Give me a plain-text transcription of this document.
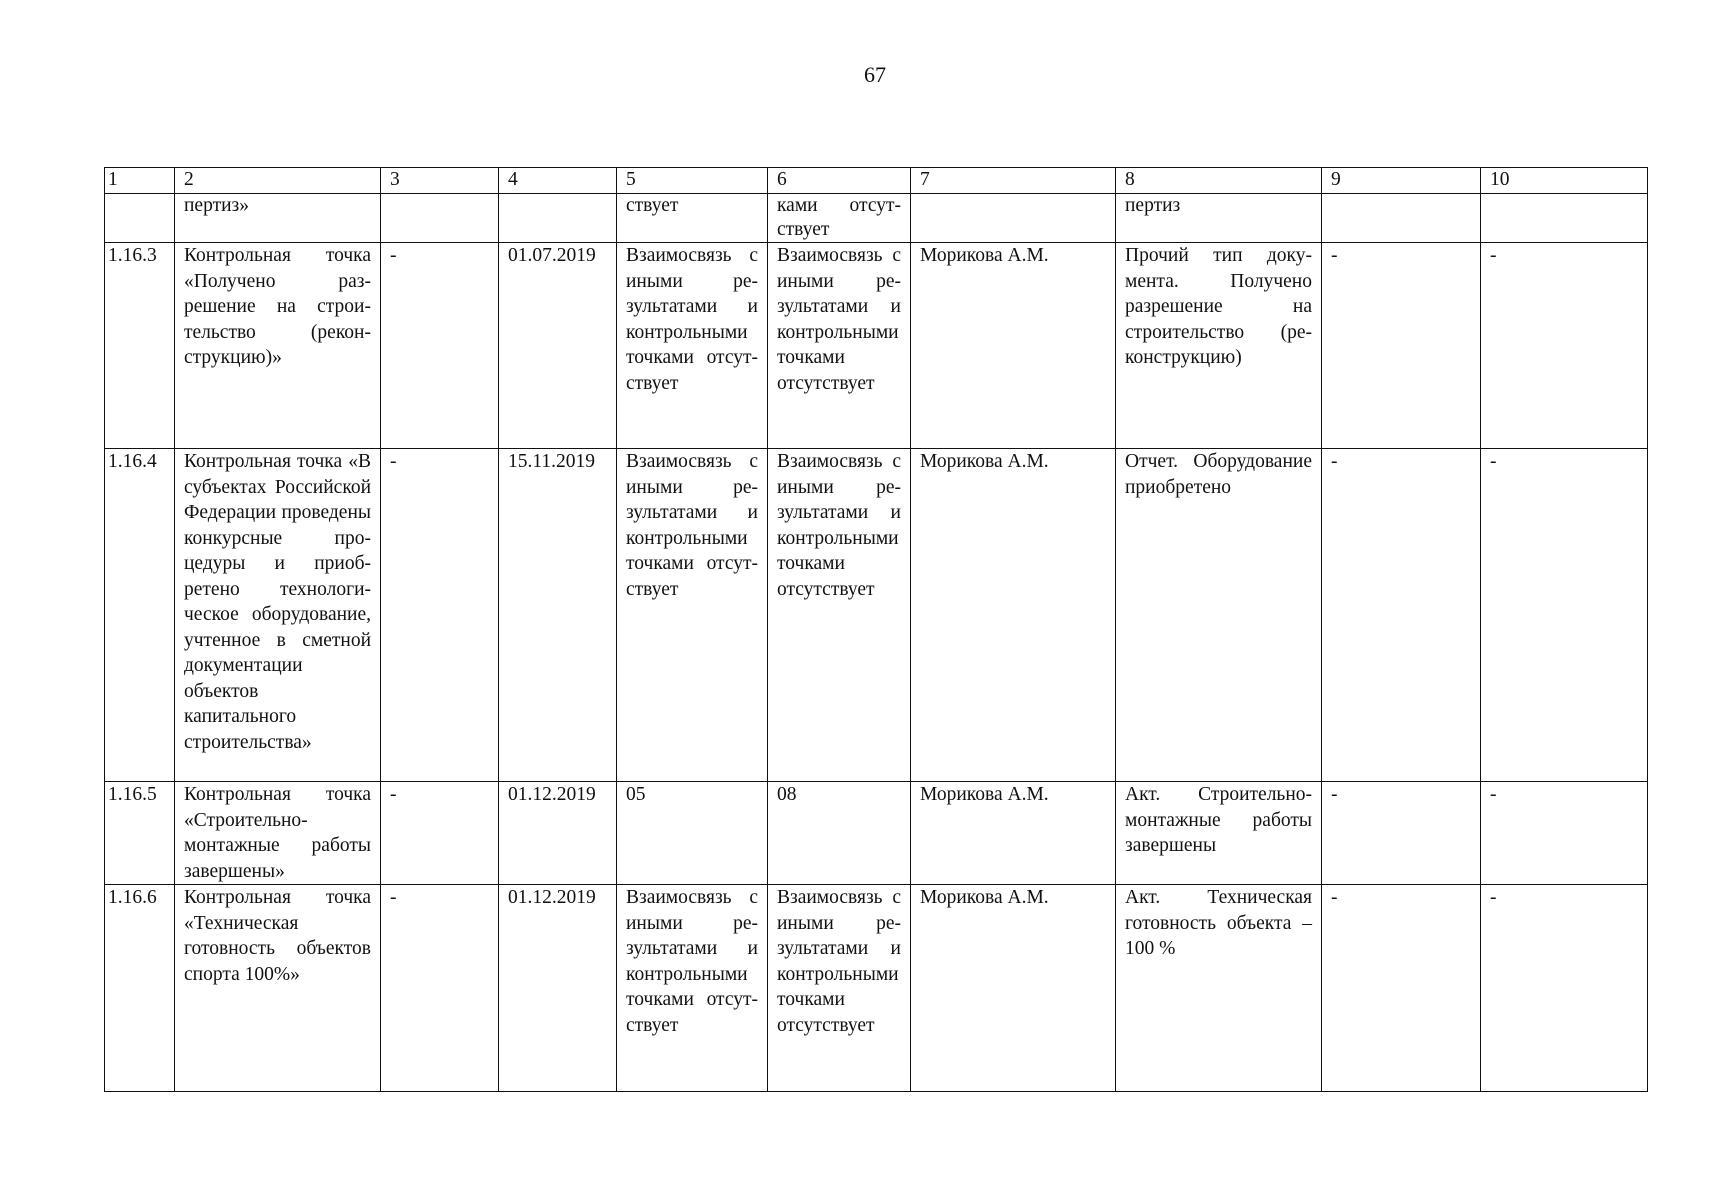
67
1	2	3	4	5	6	7	8	9	10
	пертиз»			ствует	ками отсутствует		пертиз		
1.16.3	Контрольная точка «Получено разрешение на строительство (реконструкцию)»	-	01.07.2019	Взаимосвязь с иными результатами и контрольными точками отсутствует	Взаимосвязь с иными результатами и контрольными точками отсутствует	Морикова А.М.	Прочий тип документа. Получено разрешение на строительство (реконструкцию)	-	-
1.16.4	Контрольная точка «В субъектах Российской Федерации проведены конкурсные процедуры и приобретено технологическое оборудование, учтенное в сметной документации объектов капитального строительства»	-	15.11.2019	Взаимосвязь с иными результатами и контрольными точками отсутствует	Взаимосвязь с иными результатами и контрольными точками отсутствует	Морикова А.М.	Отчет. Оборудование приобретено	-	-
1.16.5	Контрольная точка «Строительно-монтажные работы завершены»	-	01.12.2019	05	08	Морикова А.М.	Акт. Строительно-монтажные работы завершены	-	-
1.16.6	Контрольная точка «Техническая готовность объектов спорта 100%»	-	01.12.2019	Взаимосвязь с иными результатами и контрольными точками отсутствует	Взаимосвязь с иными результатами и контрольными точками отсутствует	Морикова А.М.	Акт. Техническая готовность объекта – 100 %	-	-
